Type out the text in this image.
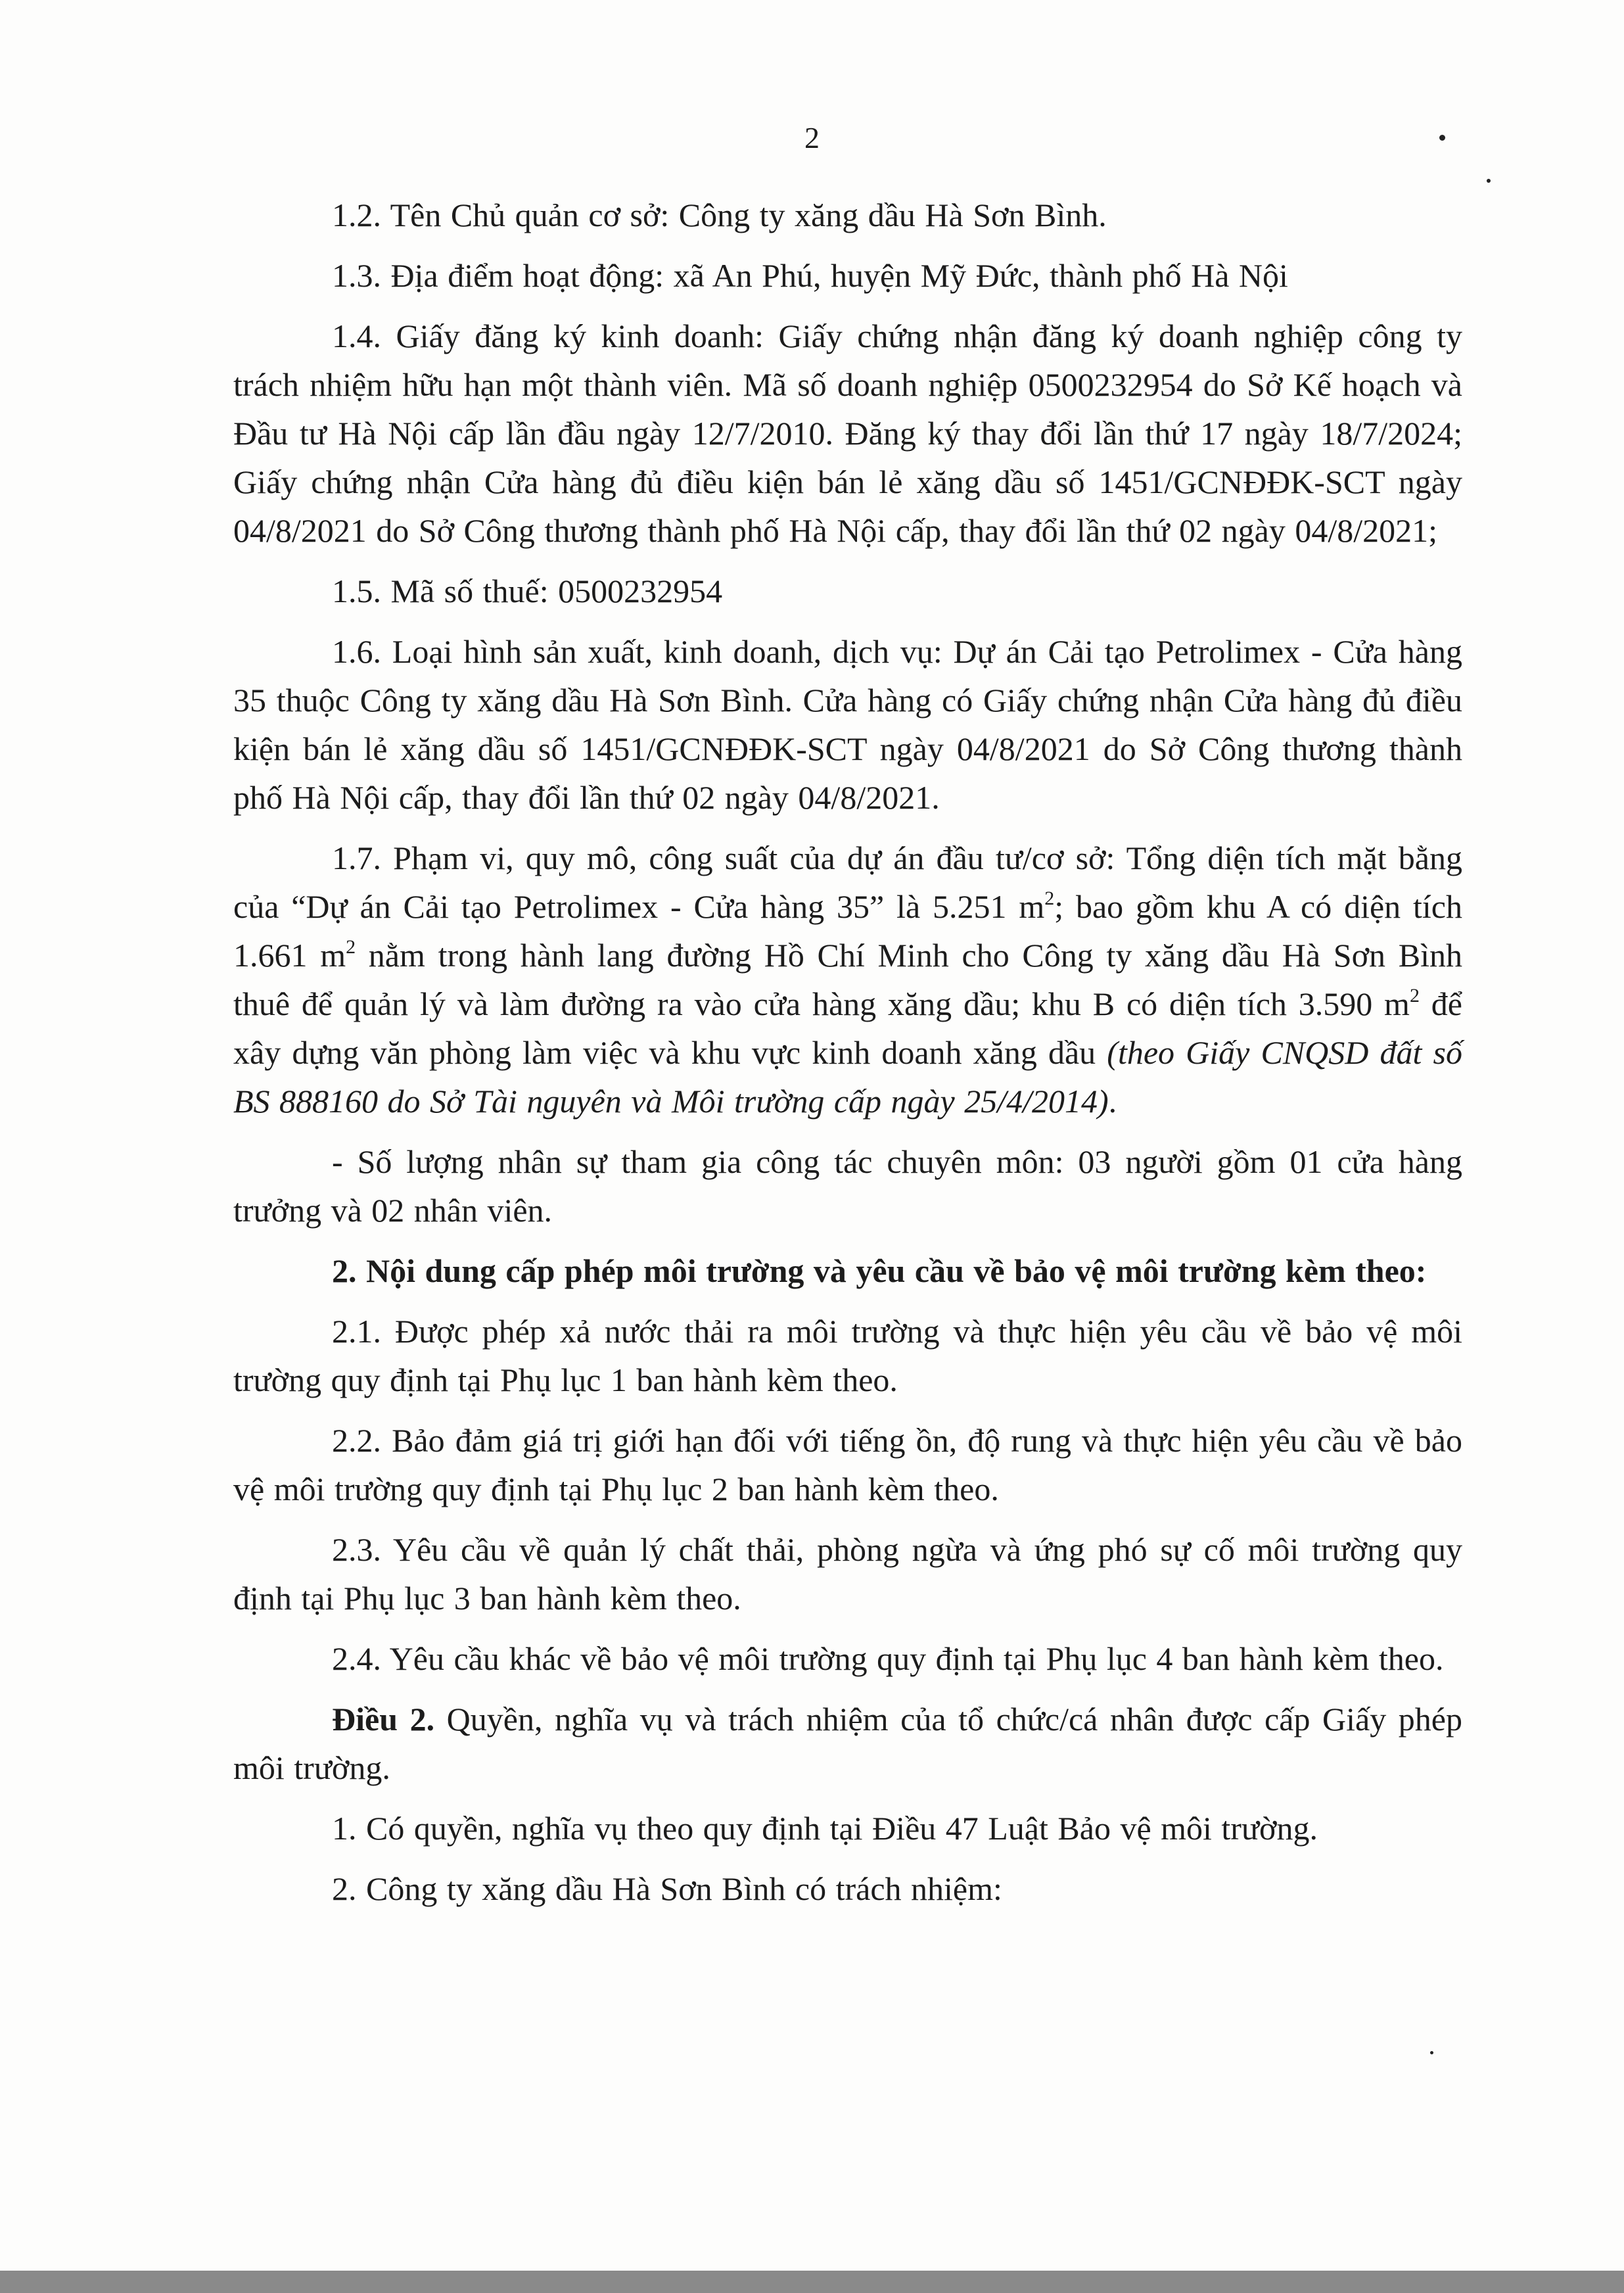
2

1.2. Tên Chủ quản cơ sở: Công ty xăng dầu Hà Sơn Bình.

1.3. Địa điểm hoạt động: xã An Phú, huyện Mỹ Đức, thành phố Hà Nội

1.4. Giấy đăng ký kinh doanh: Giấy chứng nhận đăng ký doanh nghiệp công ty trách nhiệm hữu hạn một thành viên. Mã số doanh nghiệp 0500232954 do Sở Kế hoạch và Đầu tư Hà Nội cấp lần đầu ngày 12/7/2010. Đăng ký thay đổi lần thứ 17 ngày 18/7/2024; Giấy chứng nhận Cửa hàng đủ điều kiện bán lẻ xăng dầu số 1451/GCNĐĐK-SCT ngày 04/8/2021 do Sở Công thương thành phố Hà Nội cấp, thay đổi lần thứ 02 ngày 04/8/2021;

1.5. Mã số thuế: 0500232954

1.6. Loại hình sản xuất, kinh doanh, dịch vụ: Dự án Cải tạo Petrolimex - Cửa hàng 35 thuộc Công ty xăng dầu Hà Sơn Bình. Cửa hàng có Giấy chứng nhận Cửa hàng đủ điều kiện bán lẻ xăng dầu số 1451/GCNĐĐK-SCT ngày 04/8/2021 do Sở Công thương thành phố Hà Nội cấp, thay đổi lần thứ 02 ngày 04/8/2021.

1.7. Phạm vi, quy mô, công suất của dự án đầu tư/cơ sở: Tổng diện tích mặt bằng của “Dự án Cải tạo Petrolimex - Cửa hàng 35” là 5.251 $m^2$; bao gồm khu A có diện tích 1.661 $m^2$ nằm trong hành lang đường Hồ Chí Minh cho Công ty xăng dầu Hà Sơn Bình thuê để quản lý và làm đường ra vào cửa hàng xăng dầu; khu B có diện tích 3.590 $m^2$ để xây dựng văn phòng làm việc và khu vực kinh doanh xăng dầu (theo Giấy CNQSD đất số BS 888160 do Sở Tài nguyên và Môi trường cấp ngày 25/4/2014).

- Số lượng nhân sự tham gia công tác chuyên môn: 03 người gồm 01 cửa hàng trưởng và 02 nhân viên.

2. Nội dung cấp phép môi trường và yêu cầu về bảo vệ môi trường kèm theo:

2.1. Được phép xả nước thải ra môi trường và thực hiện yêu cầu về bảo vệ môi trường quy định tại Phụ lục 1 ban hành kèm theo.

2.2. Bảo đảm giá trị giới hạn đối với tiếng ồn, độ rung và thực hiện yêu cầu về bảo vệ môi trường quy định tại Phụ lục 2 ban hành kèm theo.

2.3. Yêu cầu về quản lý chất thải, phòng ngừa và ứng phó sự cố môi trường quy định tại Phụ lục 3 ban hành kèm theo.

2.4. Yêu cầu khác về bảo vệ môi trường quy định tại Phụ lục 4 ban hành kèm theo.

Điều 2. Quyền, nghĩa vụ và trách nhiệm của tổ chức/cá nhân được cấp Giấy phép môi trường.

1. Có quyền, nghĩa vụ theo quy định tại Điều 47 Luật Bảo vệ môi trường.

2. Công ty xăng dầu Hà Sơn Bình có trách nhiệm:
